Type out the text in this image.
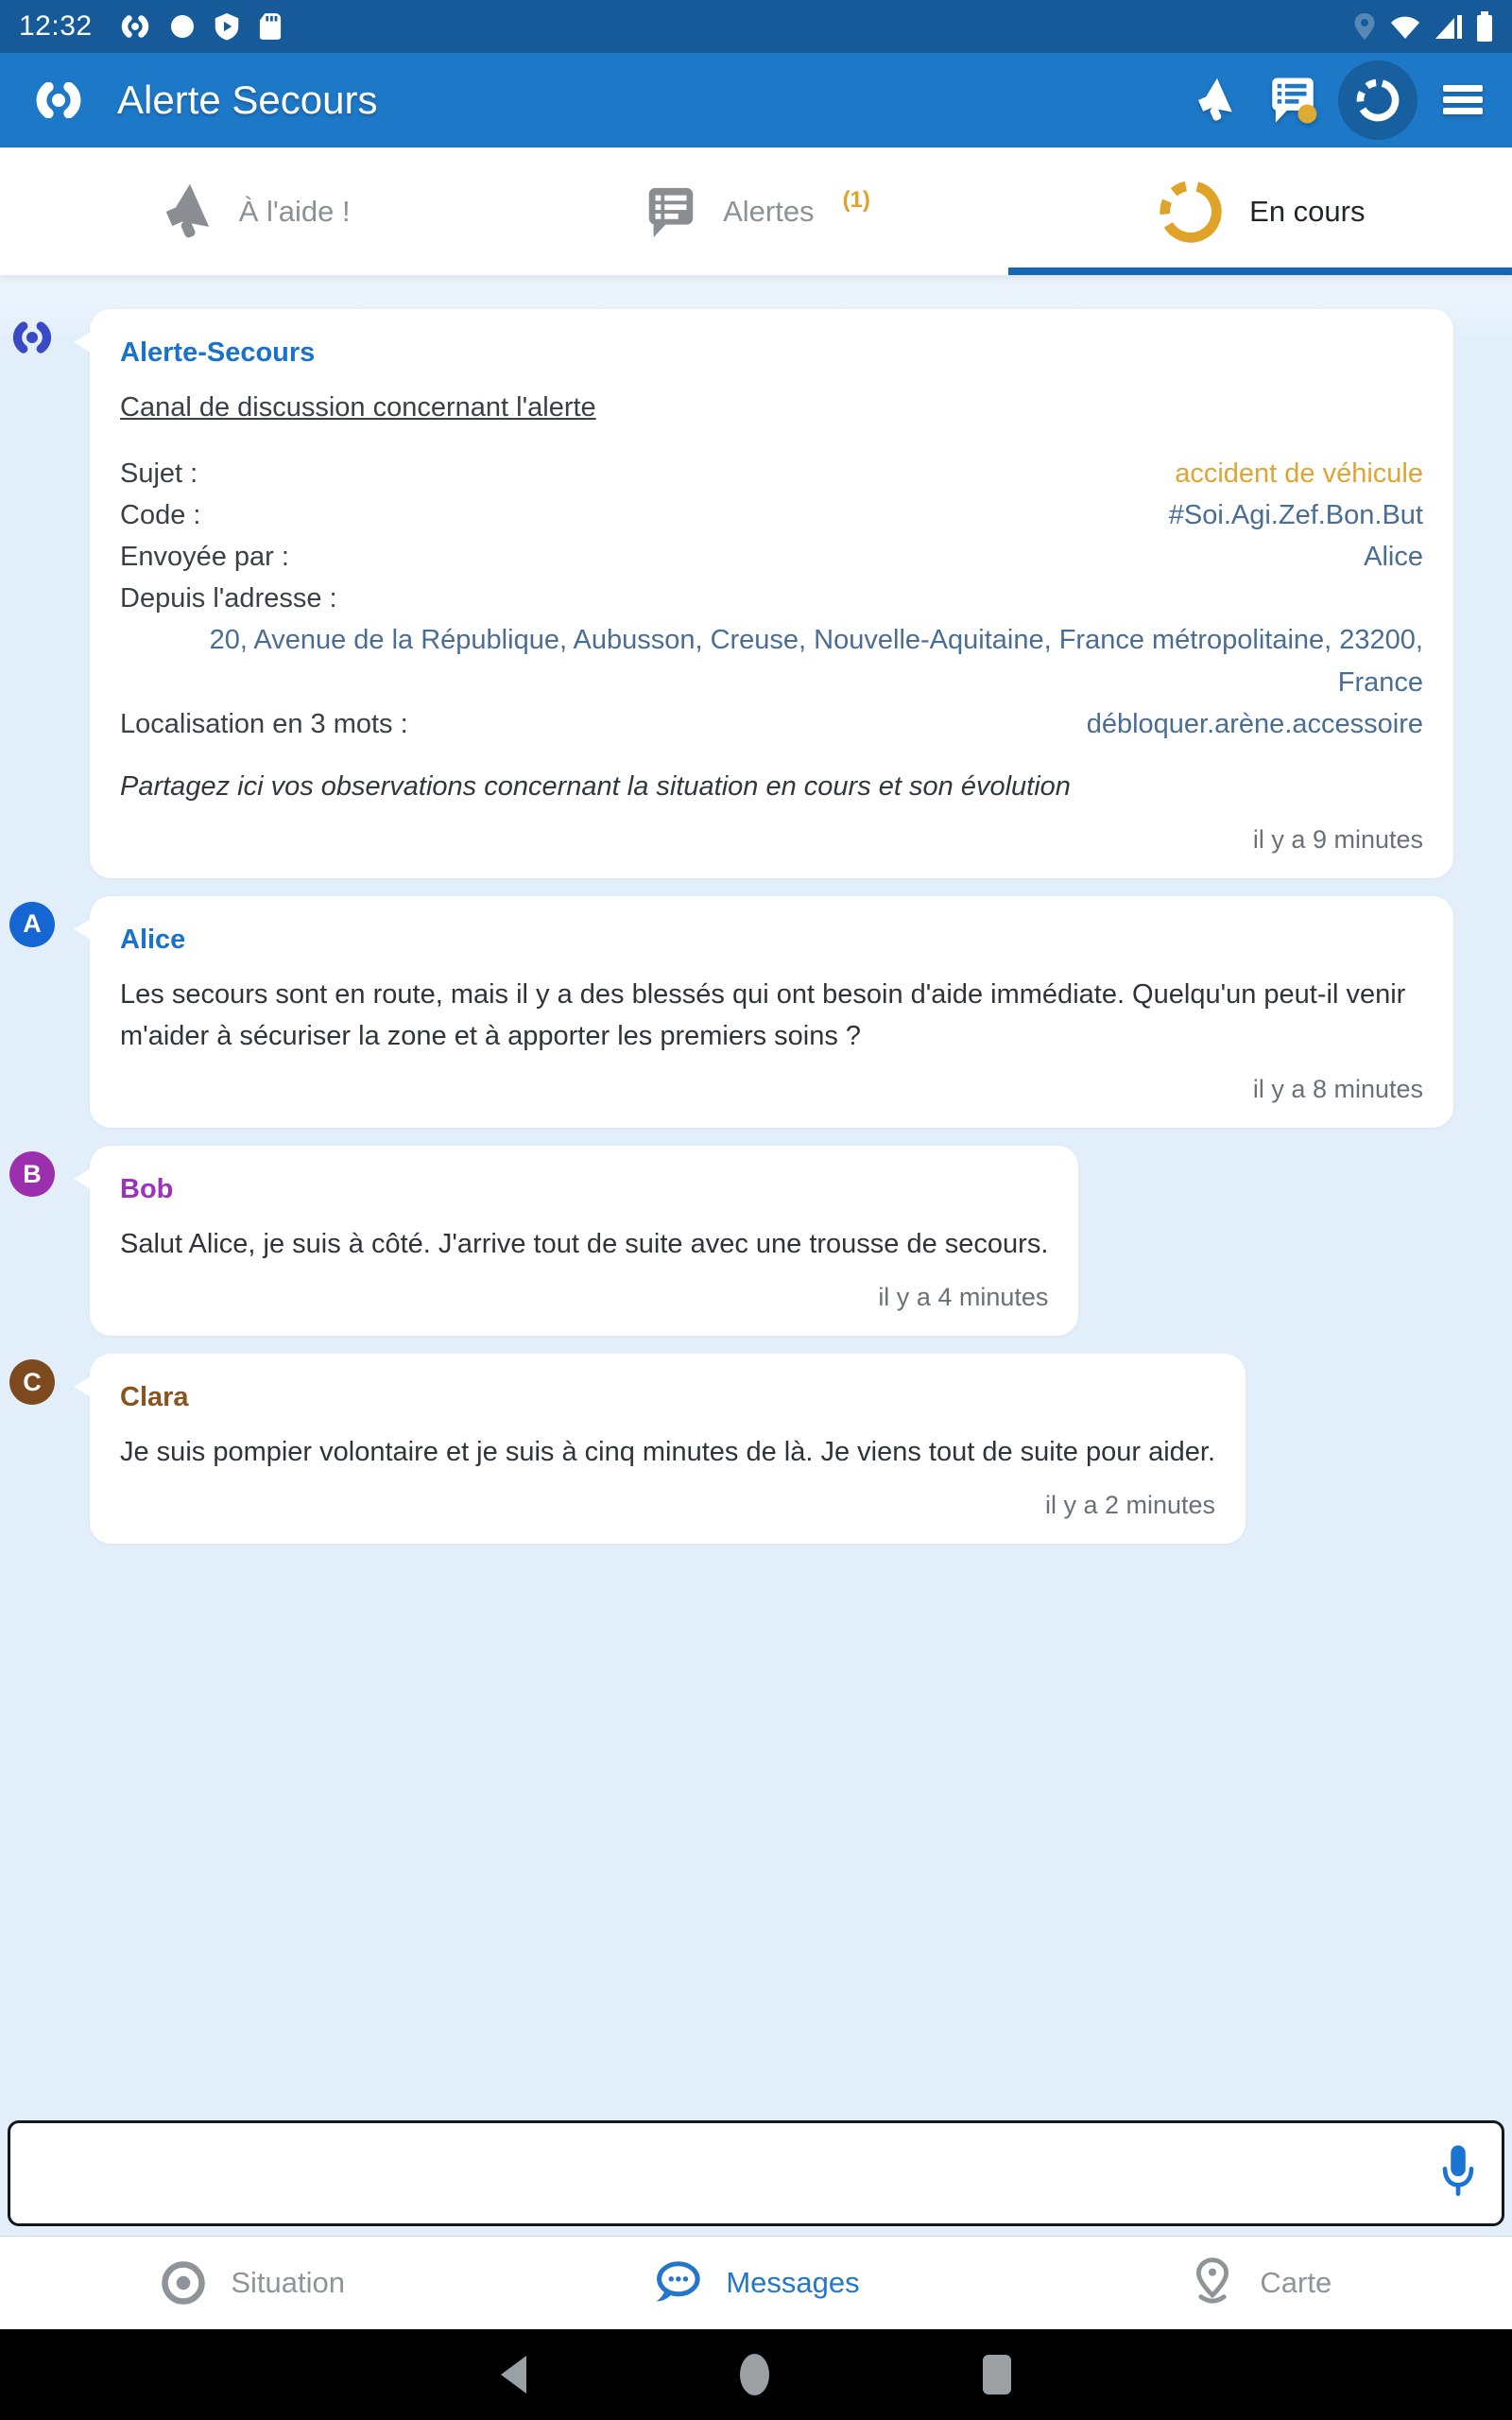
12:32
Alerte Secours
À l'aide !	Alertes (1)	En cours
Alerte-Secours
Canal de discussion concernant l'alerte
Sujet :	accident de véhicule
Code :	#Soi.Agi.Zef.Bon.But
Envoyée par :	Alice
Depuis l'adresse :
20, Avenue de la République, Aubusson, Creuse, Nouvelle-Aquitaine, France métropolitaine, 23200, France
Localisation en 3 mots :	débloquer.arène.accessoire
Partagez ici vos observations concernant la situation en cours et son évolution
il y a 9 minutes
A
Alice
Les secours sont en route, mais il y a des blessés qui ont besoin d'aide immédiate. Quelqu'un peut-il venir m'aider à sécuriser la zone et à apporter les premiers soins ?
il y a 8 minutes
B
Bob
Salut Alice, je suis à côté. J'arrive tout de suite avec une trousse de secours.
il y a 4 minutes
C
Clara
Je suis pompier volontaire et je suis à cinq minutes de là. Je viens tout de suite pour aider.
il y a 2 minutes
Situation	Messages	Carte
